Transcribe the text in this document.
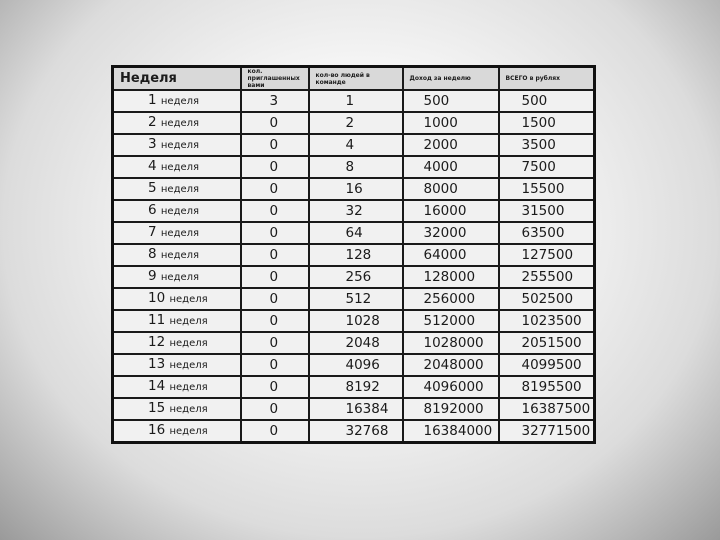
Неделя	кол. приглашенных вами	кол-во людей в команде	Доход за неделю	ВСЕГО в рублях
1 неделя	3	1	500	500
2 неделя	0	2	1000	1500
3 неделя	0	4	2000	3500
4 неделя	0	8	4000	7500
5 неделя	0	16	8000	15500
6 неделя	0	32	16000	31500
7 неделя	0	64	32000	63500
8 неделя	0	128	64000	127500
9 неделя	0	256	128000	255500
10 неделя	0	512	256000	502500
11 неделя	0	1028	512000	1023500
12 неделя	0	2048	1028000	2051500
13 неделя	0	4096	2048000	4099500
14 неделя	0	8192	4096000	8195500
15 неделя	0	16384	8192000	16387500
16 неделя	0	32768	16384000	32771500
